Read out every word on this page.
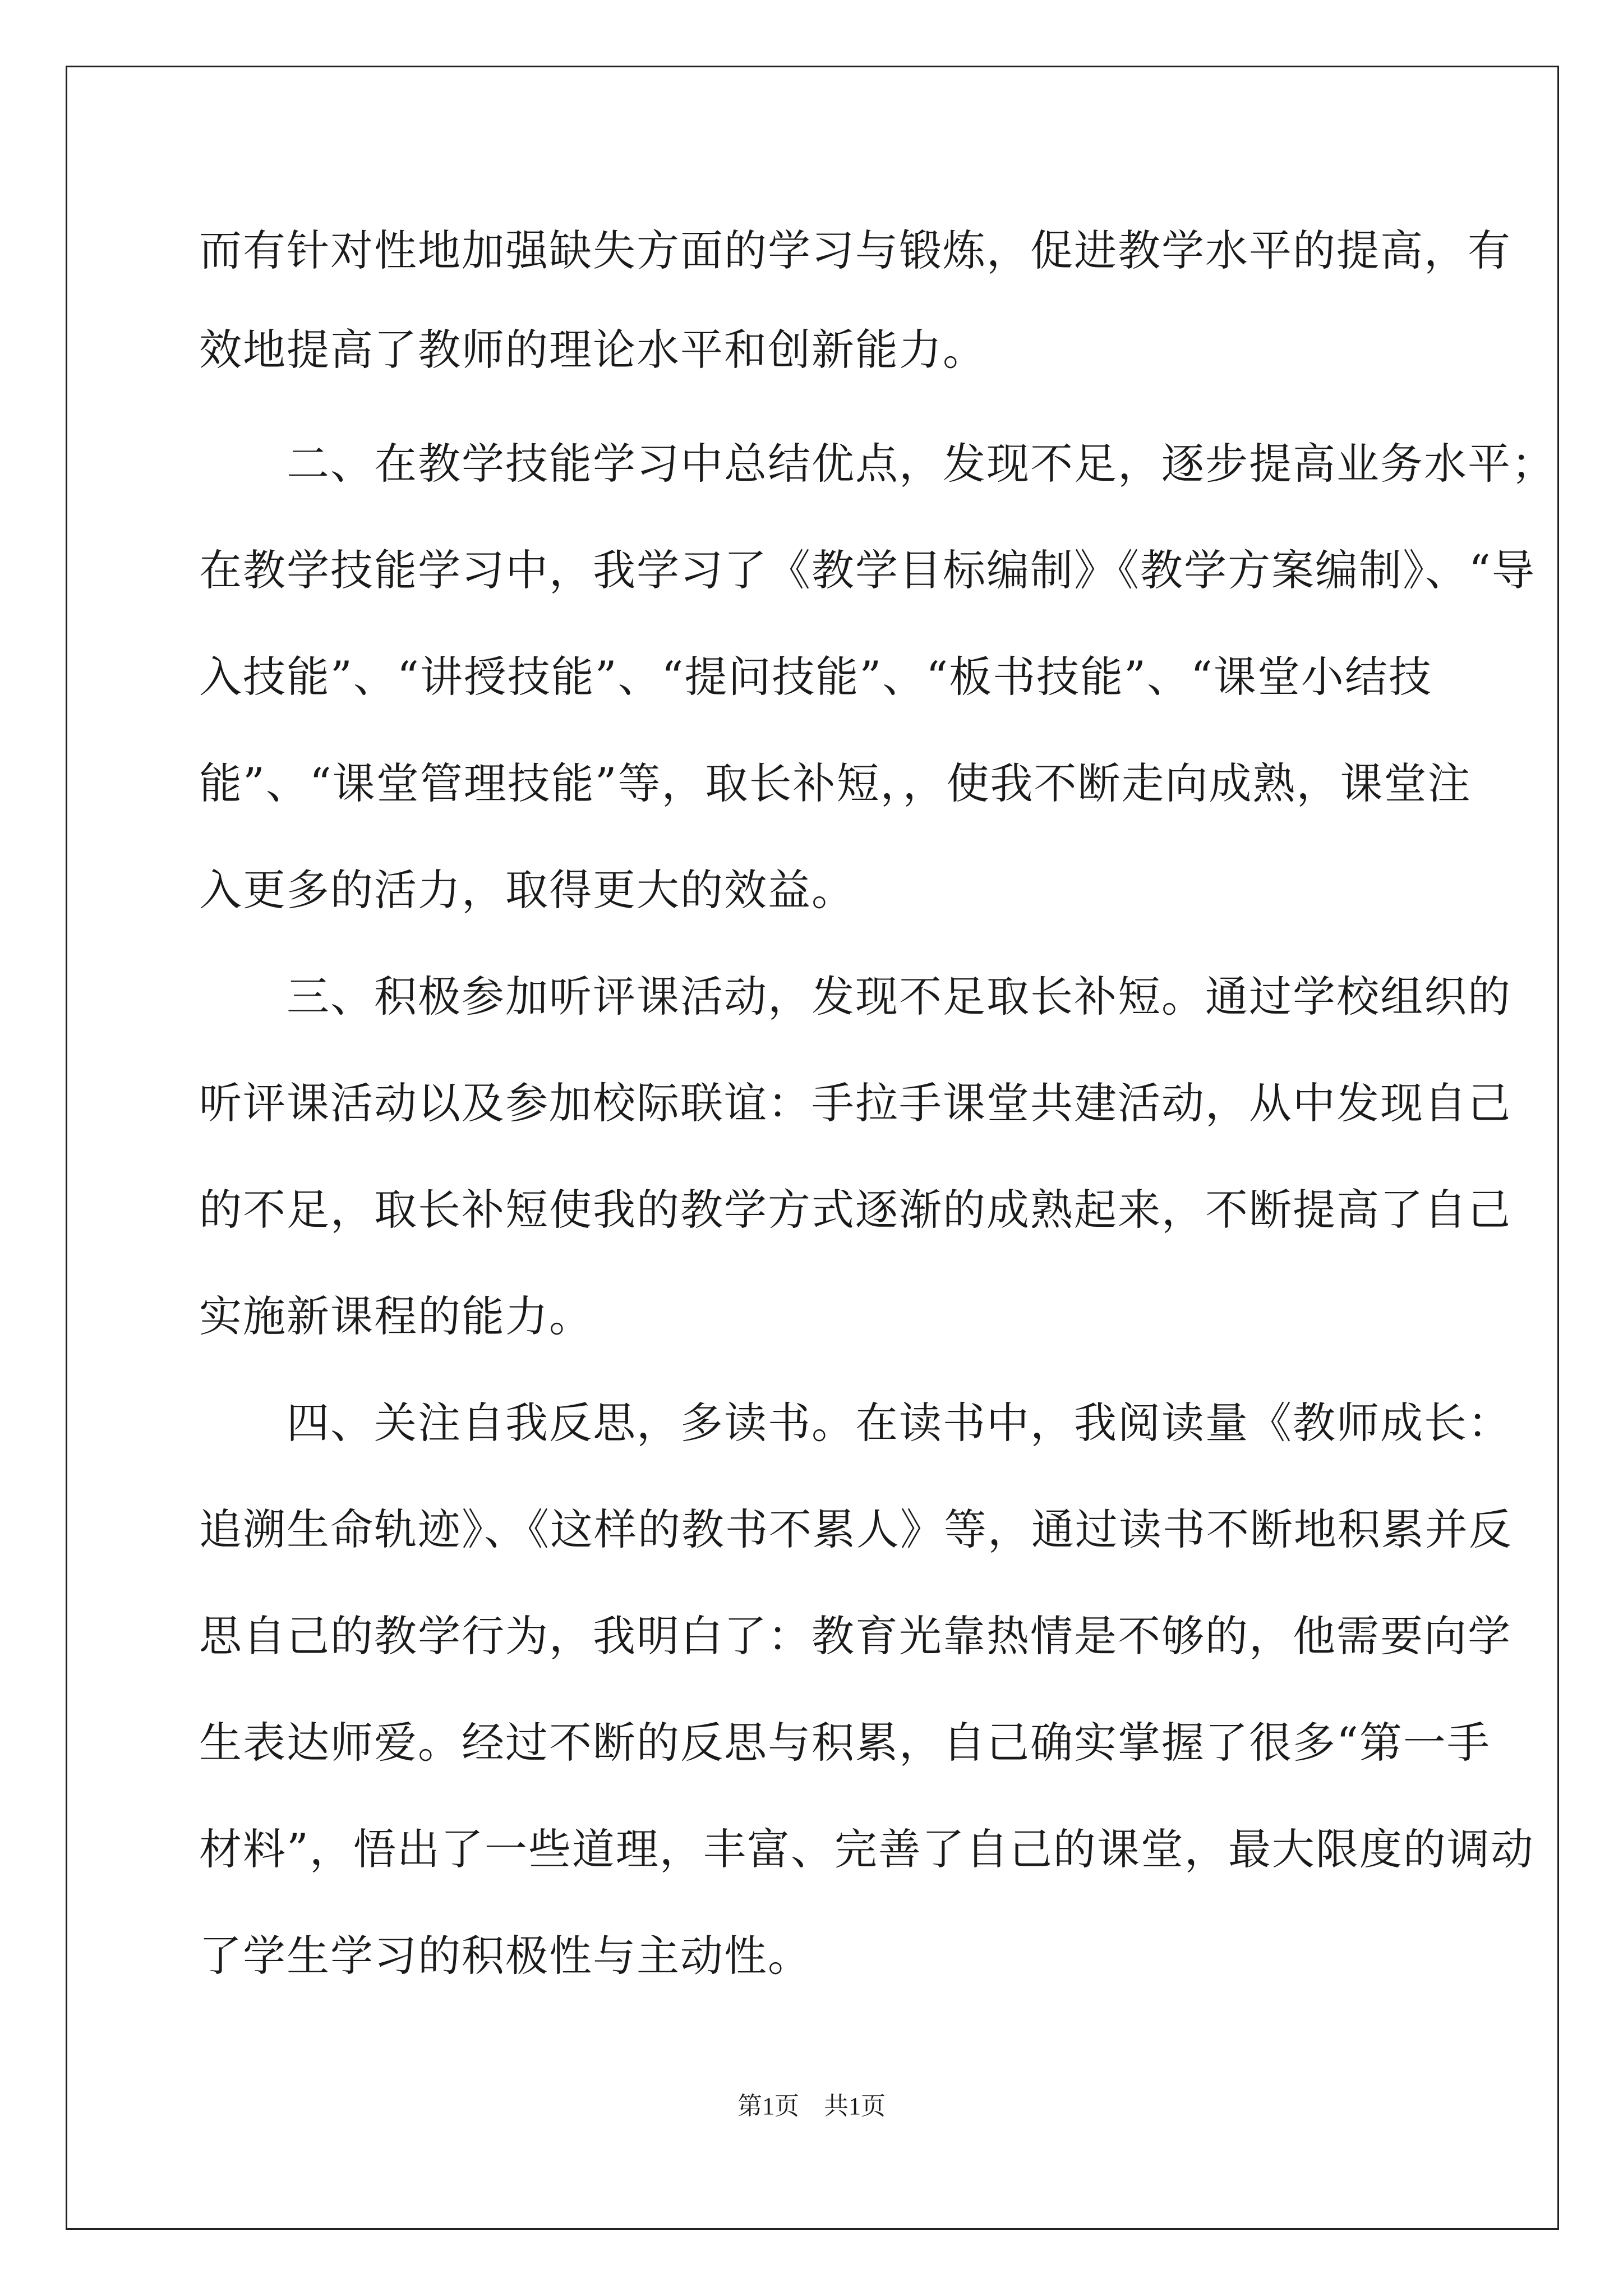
而有针对性地加强缺失方面的学习与锻炼，促进教学水平的提高，有
效地提高了教师的理论水平和创新能力。
　　二、在教学技能学习中总结优点，发现不足，逐步提高业务水平；
在教学技能学习中，我学习了《教学目标编制》《教学方案编制》、“导
入技能”、“讲授技能”、“提问技能”、“板书技能”、“课堂小结技
能”、“课堂管理技能”等，取长补短，，使我不断走向成熟，课堂注
入更多的活力，取得更大的效益。
　　三、积极参加听评课活动，发现不足取长补短。通过学校组织的
听评课活动以及参加校际联谊：手拉手课堂共建活动，从中发现自己
的不足，取长补短使我的教学方式逐渐的成熟起来，不断提高了自己
实施新课程的能力。
　　四、关注自我反思，多读书。在读书中，我阅读量《教师成长：
追溯生命轨迹》、《这样的教书不累人》等，通过读书不断地积累并反
思自己的教学行为，我明白了：教育光靠热情是不够的，他需要向学
生表达师爱。经过不断的反思与积累，自己确实掌握了很多“第一手
材料”，悟出了一些道理，丰富、完善了自己的课堂，最大限度的调动
了学生学习的积极性与主动性。
第1页　共1页
